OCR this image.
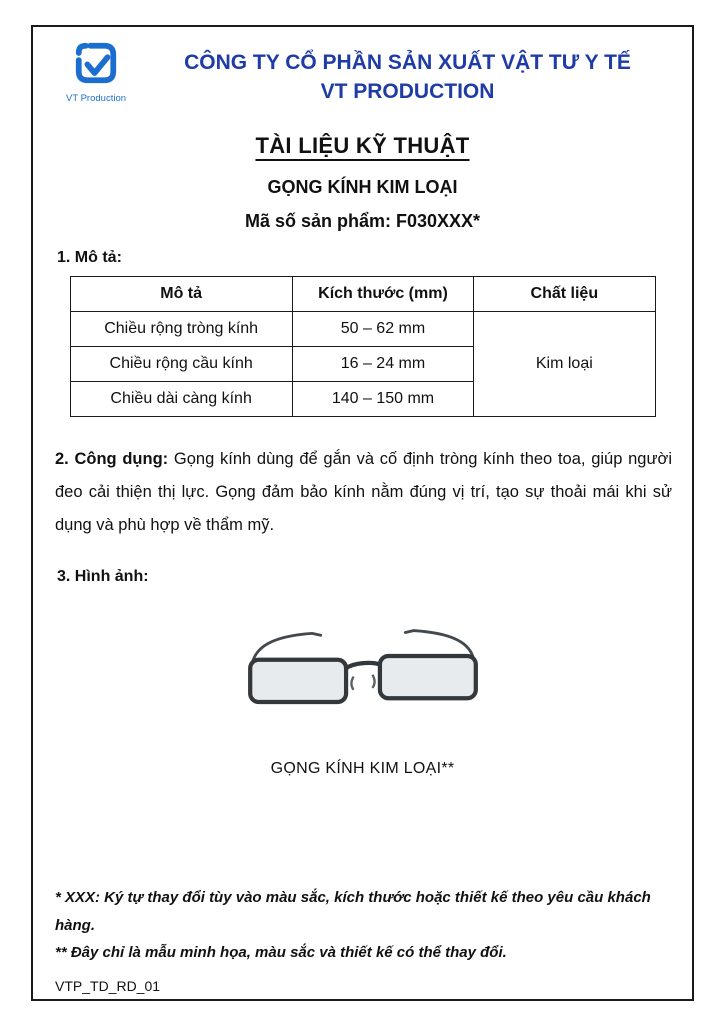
VT Production
CÔNG TY CỔ PHẦN SẢN XUẤT VẬT TƯ Y TẾ
VT PRODUCTION
TÀI LIỆU KỸ THUẬT
GỌNG KÍNH KIM LOẠI
Mã số sản phẩm: F030XXX*
1. Mô tả:
Mô tả	Kích thước (mm)	Chất liệu
Chiều rộng tròng kính	50 – 62 mm	Kim loại
Chiều rộng cầu kính	16 – 24 mm	
Chiều dài càng kính	140 – 150 mm	

2. Công dụng: Gọng kính dùng để gắn và cố định tròng kính theo toa, giúp người đeo cải thiện thị lực. Gọng đảm bảo kính nằm đúng vị trí, tạo sự thoải mái khi sử dụng và phù hợp về thẩm mỹ.

3. Hình ảnh:
GỌNG KÍNH KIM LOẠI**
* XXX: Ký tự thay đổi tùy vào màu sắc, kích thước hoặc thiết kế theo yêu cầu khách hàng.
** Đây chỉ là mẫu minh họa, màu sắc và thiết kế có thể thay đổi.
VTP_TD_RD_01
